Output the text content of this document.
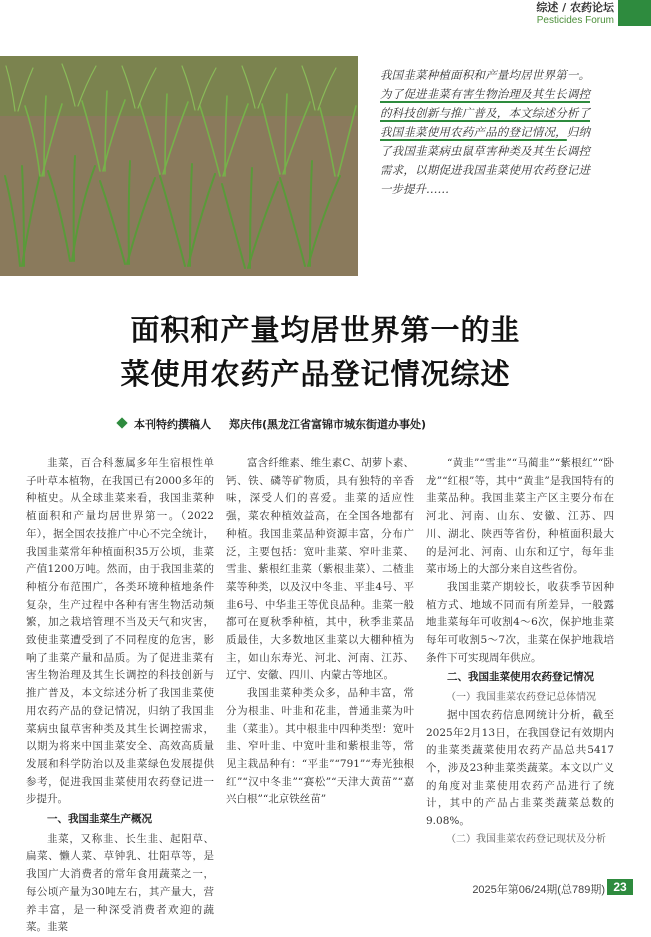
综述 / 农药论坛
Pesticides Forum
我国韭菜种植面积和产量均居世界第一。为了促进韭菜有害生物治理及其生长调控的科技创新与推广普及，本文综述分析了我国韭菜使用农药产品的登记情况，归纳了我国韭菜病虫鼠草害种类及其生长调控需求，以期促进我国韭菜使用农药登记进一步提升……
面积和产量均居世界第一的韭
菜使用农药产品登记情况综述
本刊特约撰稿人 郑庆伟(黑龙江省富锦市城东街道办事处)

韭菜，百合科葱属多年生宿根性单子叶草本植物，在我国已有2000多年的种植史。从全球韭菜来看，我国韭菜种植面积和产量均居世界第一。（2022年），据全国农技推广中心不完全统计，我国韭菜常年种植面积35万公顷，韭菜产值1200万吨。然而，由于我国韭菜的种植分布范围广，各类环境种植地条件复杂，生产过程中各种有害生物活动频繁，加之栽培管理不当及天气和灾害，致使韭菜遭受到了不同程度的危害，影响了韭菜产量和品质。为了促进韭菜有害生物治理及其生长调控的科技创新与推广普及，本文综述分析了我国韭菜使用农药产品的登记情况，归纳了我国韭菜病虫鼠草害种类及其生长调控需求，以期为将来中国韭菜安全、高效高质量发展和科学防治以及韭菜绿色发展提供参考，促进我国韭菜使用农药登记进一步提升。

一、我国韭菜生产概况

韭菜，又称韭、长生韭、起阳草、扁菜、懒人菜、草钟乳、壮阳草等，是我国广大消费者的常年食用蔬菜之一，每公顷产量为30吨左右，其产量大，营养丰富，是一种深受消费者欢迎的蔬菜。韭菜

富含纤维素、维生素C、胡萝卜素、钙、铁、磷等矿物质，具有独特的辛香味，深受人们的喜爱。韭菜的适应性强，菜农种植效益高，在全国各地都有种植。我国韭菜品种资源丰富，分布广泛，主要包括：宽叶韭菜、窄叶韭菜、雪韭、紫根红韭菜（紫根韭菜）、二楂韭菜等种类，以及汉中冬韭、平韭4号、平韭6号、中华韭王等优良品种。韭菜一般都可在夏秋季种植，其中，秋季韭菜品质最佳，大多数地区韭菜以大棚种植为主，如山东寿光、河北、河南、江苏、辽宁、安徽、四川、内蒙古等地区。

我国韭菜种类众多，品种丰富，常分为根韭、叶韭和花韭，普通韭菜为叶韭（菜韭）。其中根韭中四种类型：宽叶韭、窄叶韭、中宽叶韭和紫根韭等，常见主栽品种有：“平韭”“791”“寿光独根红”“汉中冬韭”“赛松”“天津大黄苗”“嘉兴白根”“北京铁丝苗”

“黄韭”“雪韭”“马蔺韭”“紫根红”“卧龙”“红根”等，其中“黄韭”是我国特有的韭菜品种。我国韭菜主产区主要分布在河北、河南、山东、安徽、江苏、四川、湖北、陕西等省份，种植面积最大的是河北、河南、山东和辽宁，每年韭菜市场上的大部分来自这些省份。

我国韭菜产期较长，收获季节因种植方式、地域不同而有所差异，一般露地韭菜每年可收割4～6次，保护地韭菜每年可收割5～7次，韭菜在保护地栽培条件下可实现周年供应。

二、我国韭菜使用农药登记情况

（一）我国韭菜农药登记总体情况

据中国农药信息网统计分析，截至2025年2月13日，在我国登记有效期内的韭菜类蔬菜使用农药产品总共5417个，涉及23种韭菜类蔬菜。本文以广义的角度对韭菜使用农药产品进行了统计，其中的产品占韭菜类蔬菜总数的9.08%。

（二）我国韭菜农药登记现状及分析

2025年第06/24期(总789期) 23
